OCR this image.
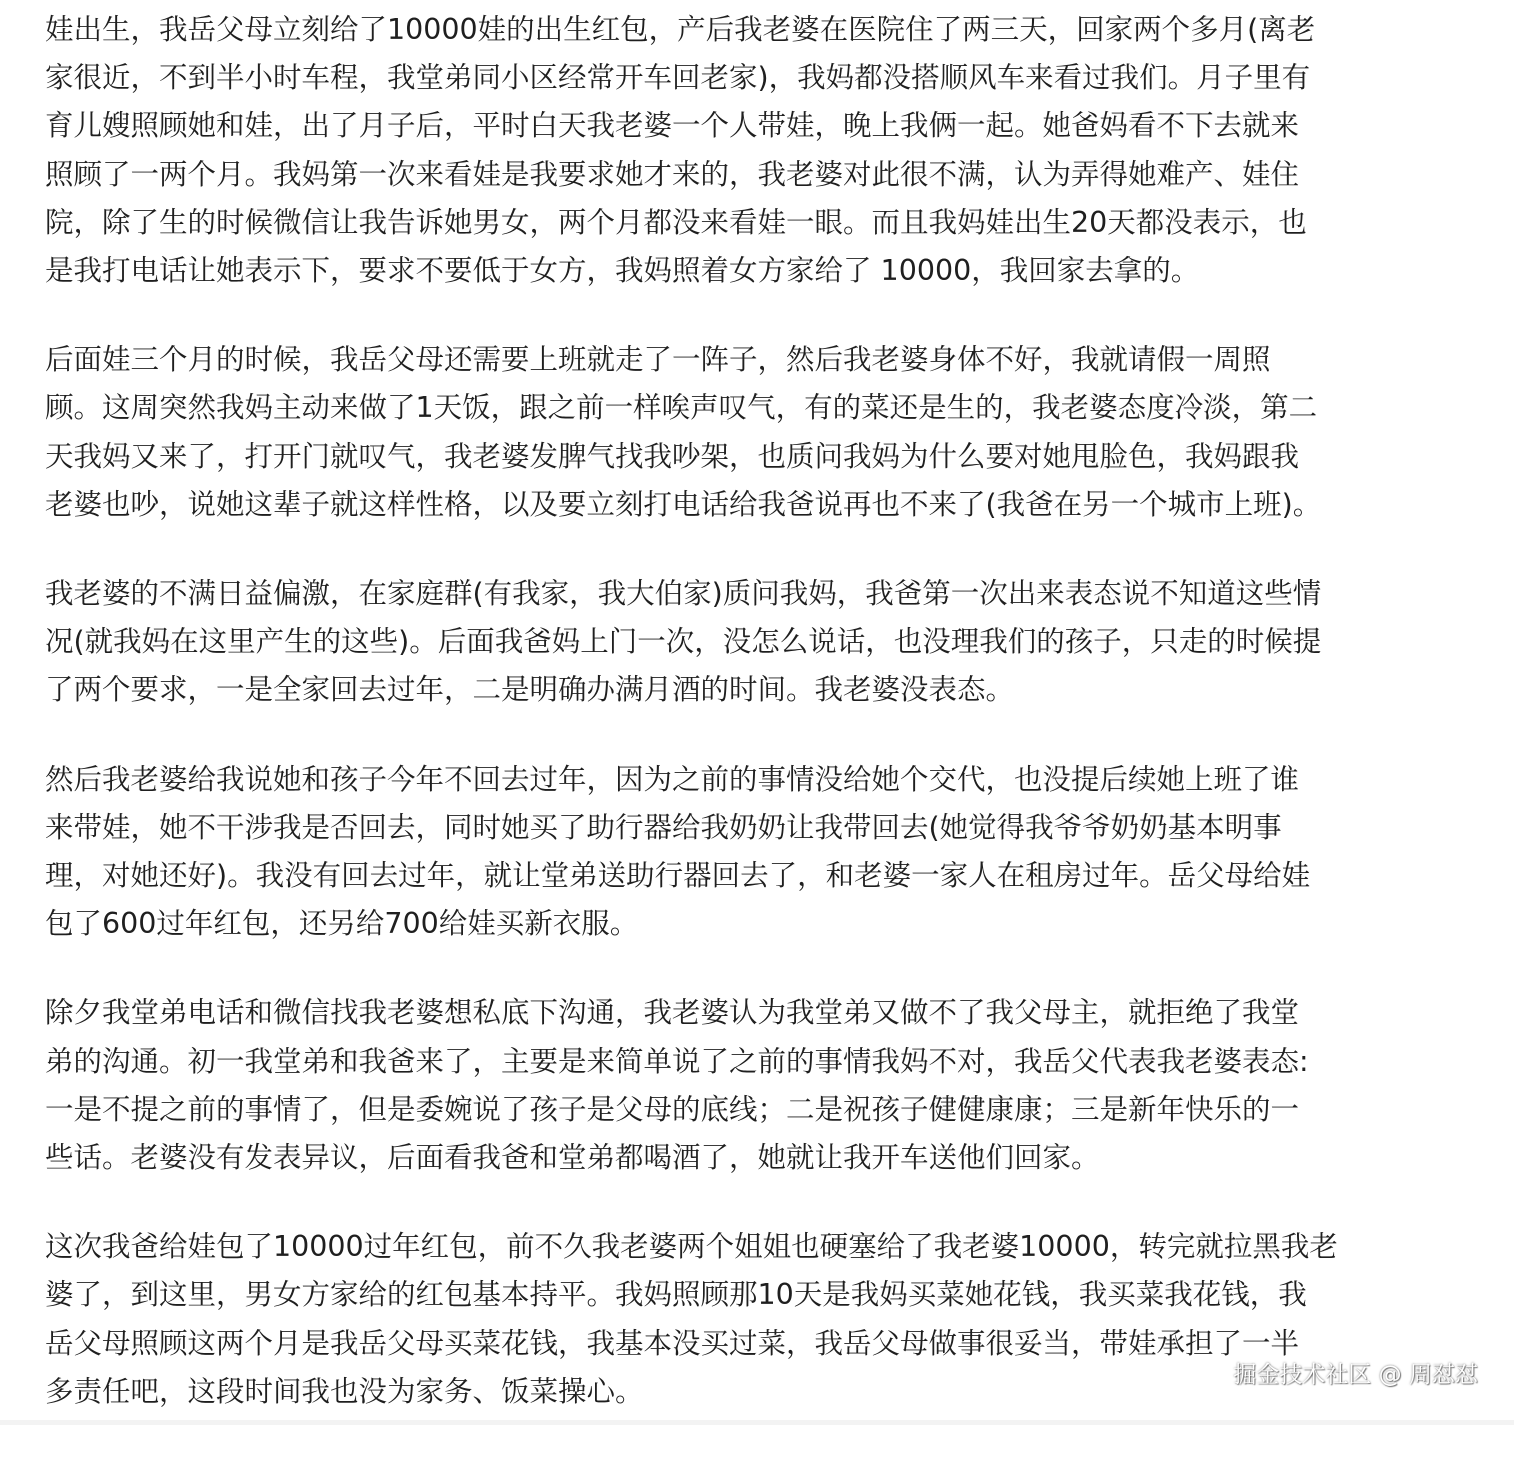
娃出生，我岳父母立刻给了10000娃的出生红包，产后我老婆在医院住了两三天，回家两个多月(离老
家很近，不到半小时车程，我堂弟同小区经常开车回老家)，我妈都没搭顺风车来看过我们。月子里有
育儿嫂照顾她和娃，出了月子后，平时白天我老婆一个人带娃，晚上我俩一起。她爸妈看不下去就来
照顾了一两个月。我妈第一次来看娃是我要求她才来的，我老婆对此很不满，认为弄得她难产、娃住
院，除了生的时候微信让我告诉她男女，两个月都没来看娃一眼。而且我妈娃出生20天都没表示，也
是我打电话让她表示下，要求不要低于女方，我妈照着女方家给了 10000，我回家去拿的。

后面娃三个月的时候，我岳父母还需要上班就走了一阵子，然后我老婆身体不好，我就请假一周照
顾。这周突然我妈主动来做了1天饭，跟之前一样唉声叹气，有的菜还是生的，我老婆态度冷淡，第二
天我妈又来了，打开门就叹气，我老婆发脾气找我吵架，也质问我妈为什么要对她甩脸色，我妈跟我
老婆也吵，说她这辈子就这样性格，以及要立刻打电话给我爸说再也不来了(我爸在另一个城市上班)。

我老婆的不满日益偏激，在家庭群(有我家，我大伯家)质问我妈，我爸第一次出来表态说不知道这些情
况(就我妈在这里产生的这些)。后面我爸妈上门一次，没怎么说话，也没理我们的孩子，只走的时候提
了两个要求，一是全家回去过年，二是明确办满月酒的时间。我老婆没表态。

然后我老婆给我说她和孩子今年不回去过年，因为之前的事情没给她个交代，也没提后续她上班了谁
来带娃，她不干涉我是否回去，同时她买了助行器给我奶奶让我带回去(她觉得我爷爷奶奶基本明事
理，对她还好)。我没有回去过年，就让堂弟送助行器回去了，和老婆一家人在租房过年。岳父母给娃
包了600过年红包，还另给700给娃买新衣服。

除夕我堂弟电话和微信找我老婆想私底下沟通，我老婆认为我堂弟又做不了我父母主，就拒绝了我堂
弟的沟通。初一我堂弟和我爸来了，主要是来简单说了之前的事情我妈不对，我岳父代表我老婆表态:
一是不提之前的事情了，但是委婉说了孩子是父母的底线；二是祝孩子健健康康；三是新年快乐的一
些话。老婆没有发表异议，后面看我爸和堂弟都喝酒了，她就让我开车送他们回家。

这次我爸给娃包了10000过年红包，前不久我老婆两个姐姐也硬塞给了我老婆10000，转完就拉黑我老
婆了，到这里，男女方家给的红包基本持平。我妈照顾那10天是我妈买菜她花钱，我买菜我花钱，我
岳父母照顾这两个月是我岳父母买菜花钱，我基本没买过菜，我岳父母做事很妥当，带娃承担了一半
多责任吧，这段时间我也没为家务、饭菜操心。	掘金技术社区 @ 周怼怼
